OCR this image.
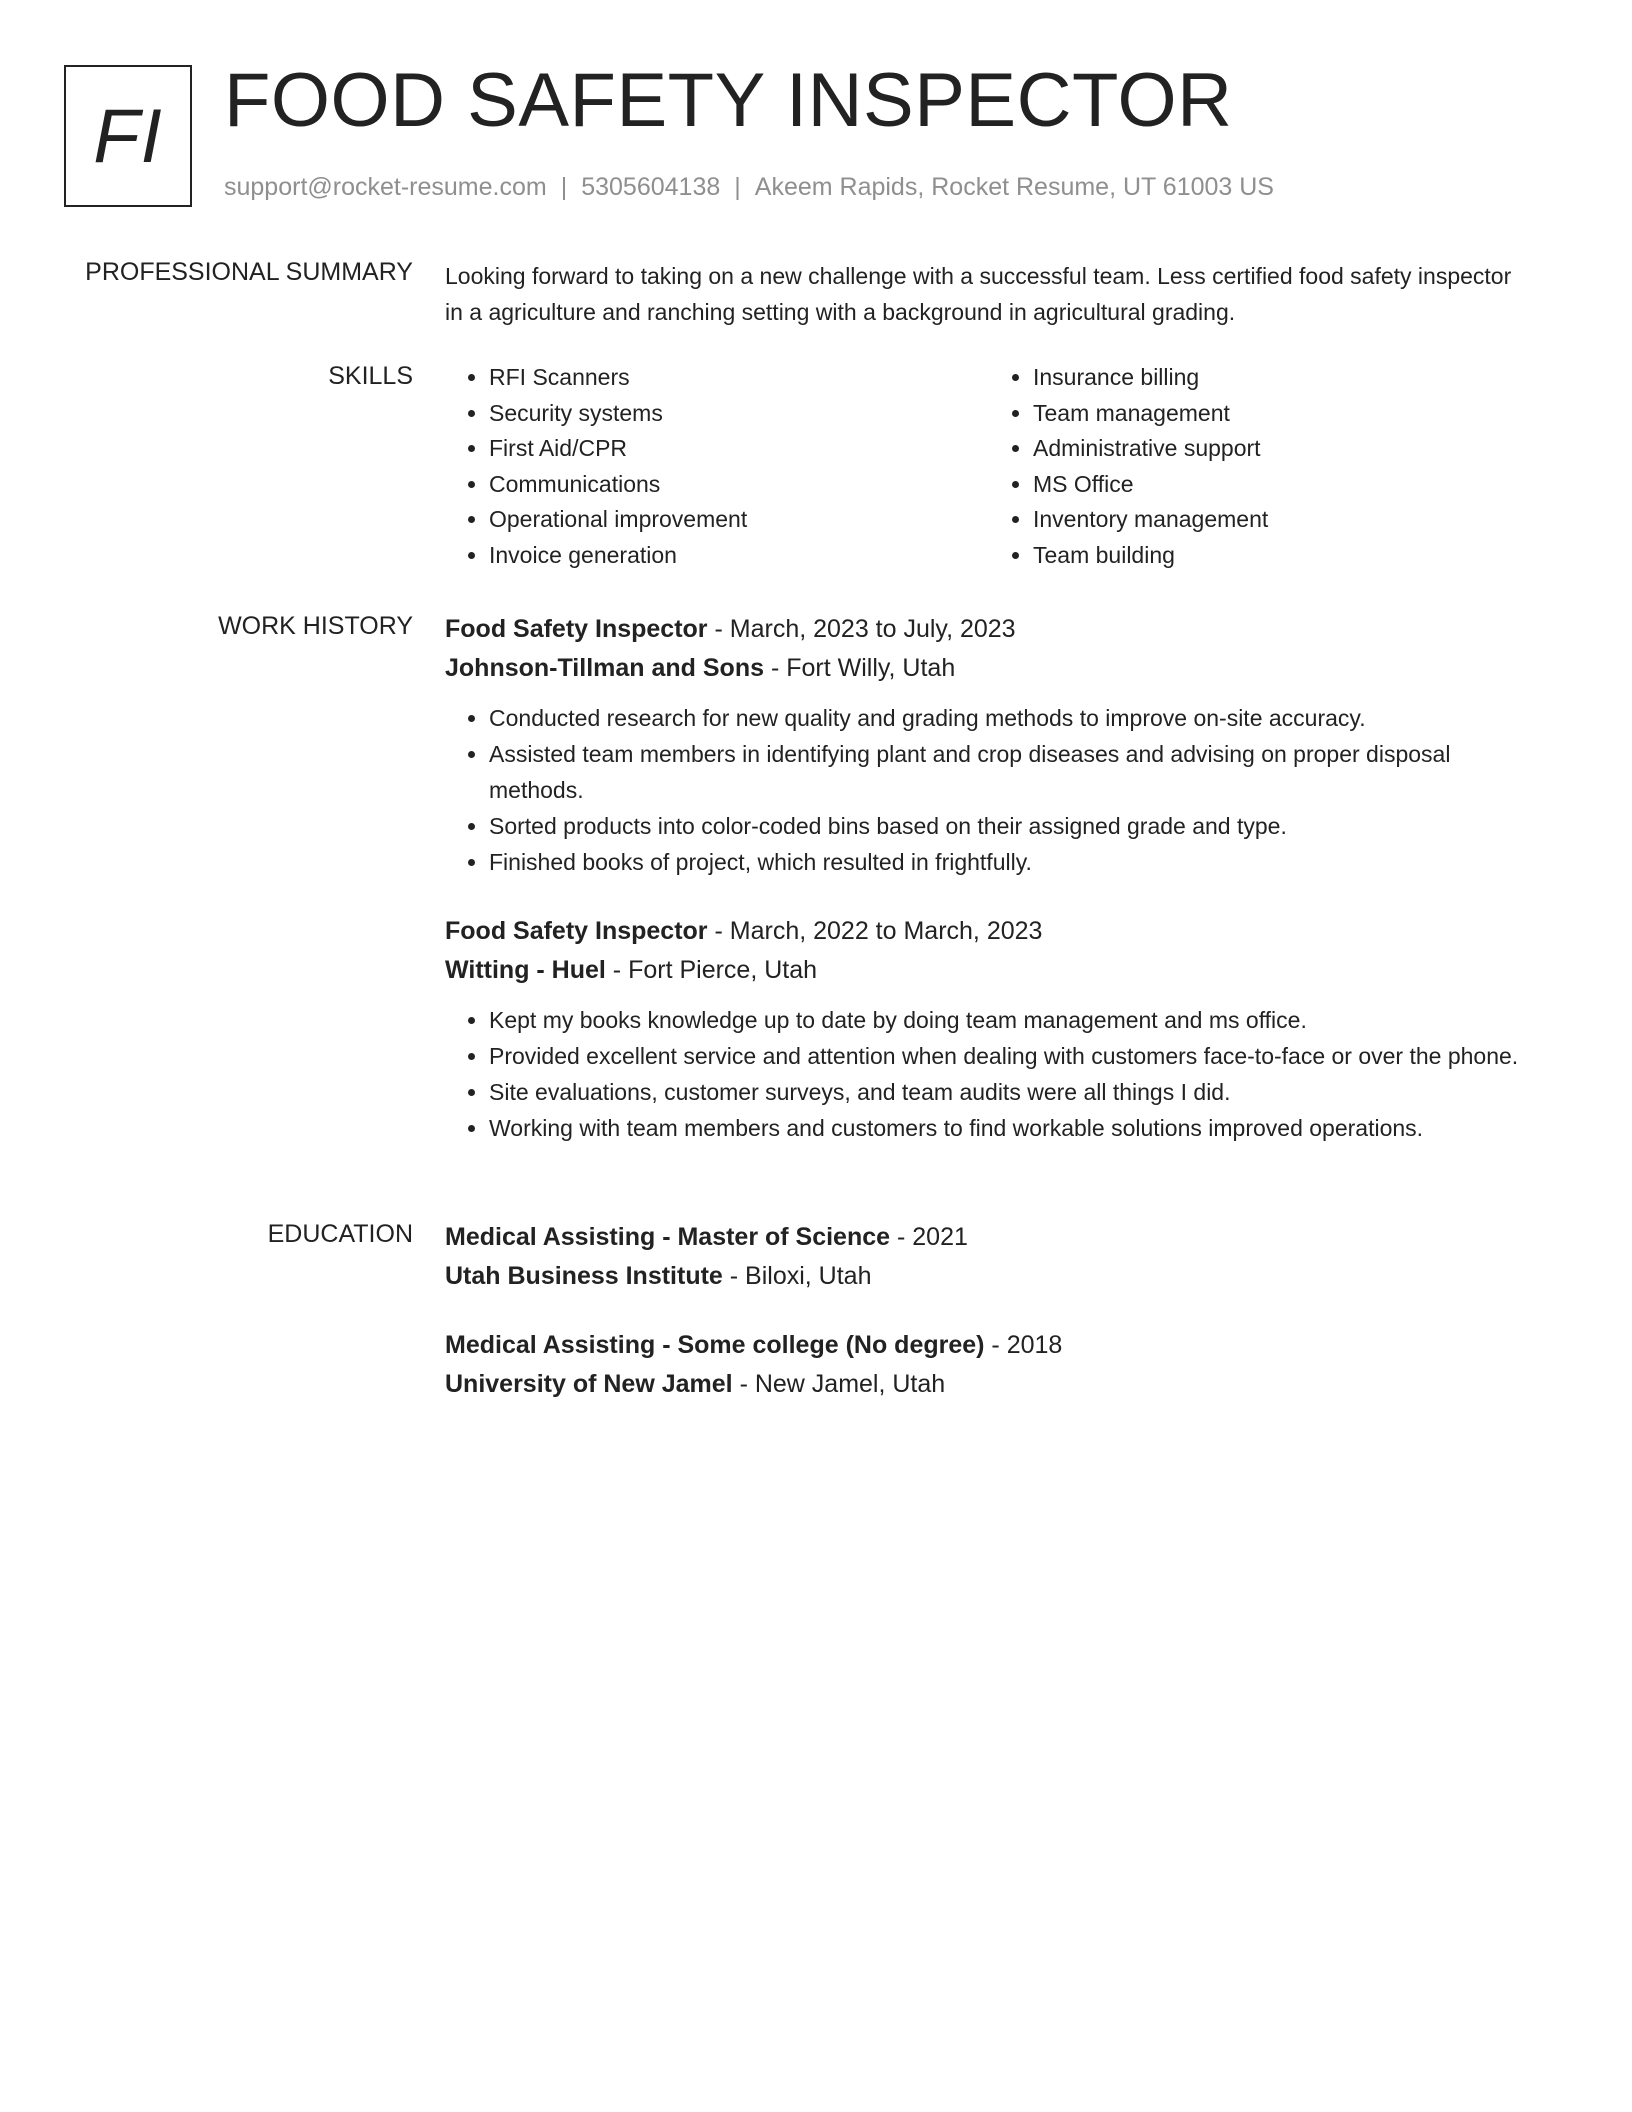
FI FOOD SAFETY INSPECTOR
support@rocket-resume.com | 5305604138 | Akeem Rapids, Rocket Resume, UT 61003 US
PROFESSIONAL SUMMARY Looking forward to taking on a new challenge with a successful team. Less certified food safety inspector in a agriculture and ranching setting with a background in agricultural grading.
SKILLS
•	RFI Scanners
• Security systems
• First Aid/CPR
• Communications
• Operational improvement
• Invoice generation
• Insurance billing
• Team management
• Administrative support
• MS Office
• Inventory management
• Team building
WORK HISTORY Food Safety Inspector - March, 2023 to July, 2023
Johnson-Tillman and Sons - Fort Willy, Utah
• Conducted research for new quality and grading methods to improve on-site accuracy.
• Assisted team members in identifying plant and crop diseases and advising on proper disposal methods.
• Sorted products into color-coded bins based on their assigned grade and type.
• Finished books of project, which resulted in frightfully.
Food Safety Inspector - March, 2022 to March, 2023
Witting - Huel - Fort Pierce, Utah
• Kept my books knowledge up to date by doing team management and ms office.
• Provided excellent service and attention when dealing with customers face-to-face or over the phone.
• Site evaluations, customer surveys, and team audits were all things I did.
• Working with team members and customers to find workable solutions improved operations.
EDUCATION Medical Assisting - Master of Science - 2021
Utah Business Institute - Biloxi, Utah
Medical Assisting - Some college (No degree) - 2018
University of New Jamel - New Jamel, Utah
